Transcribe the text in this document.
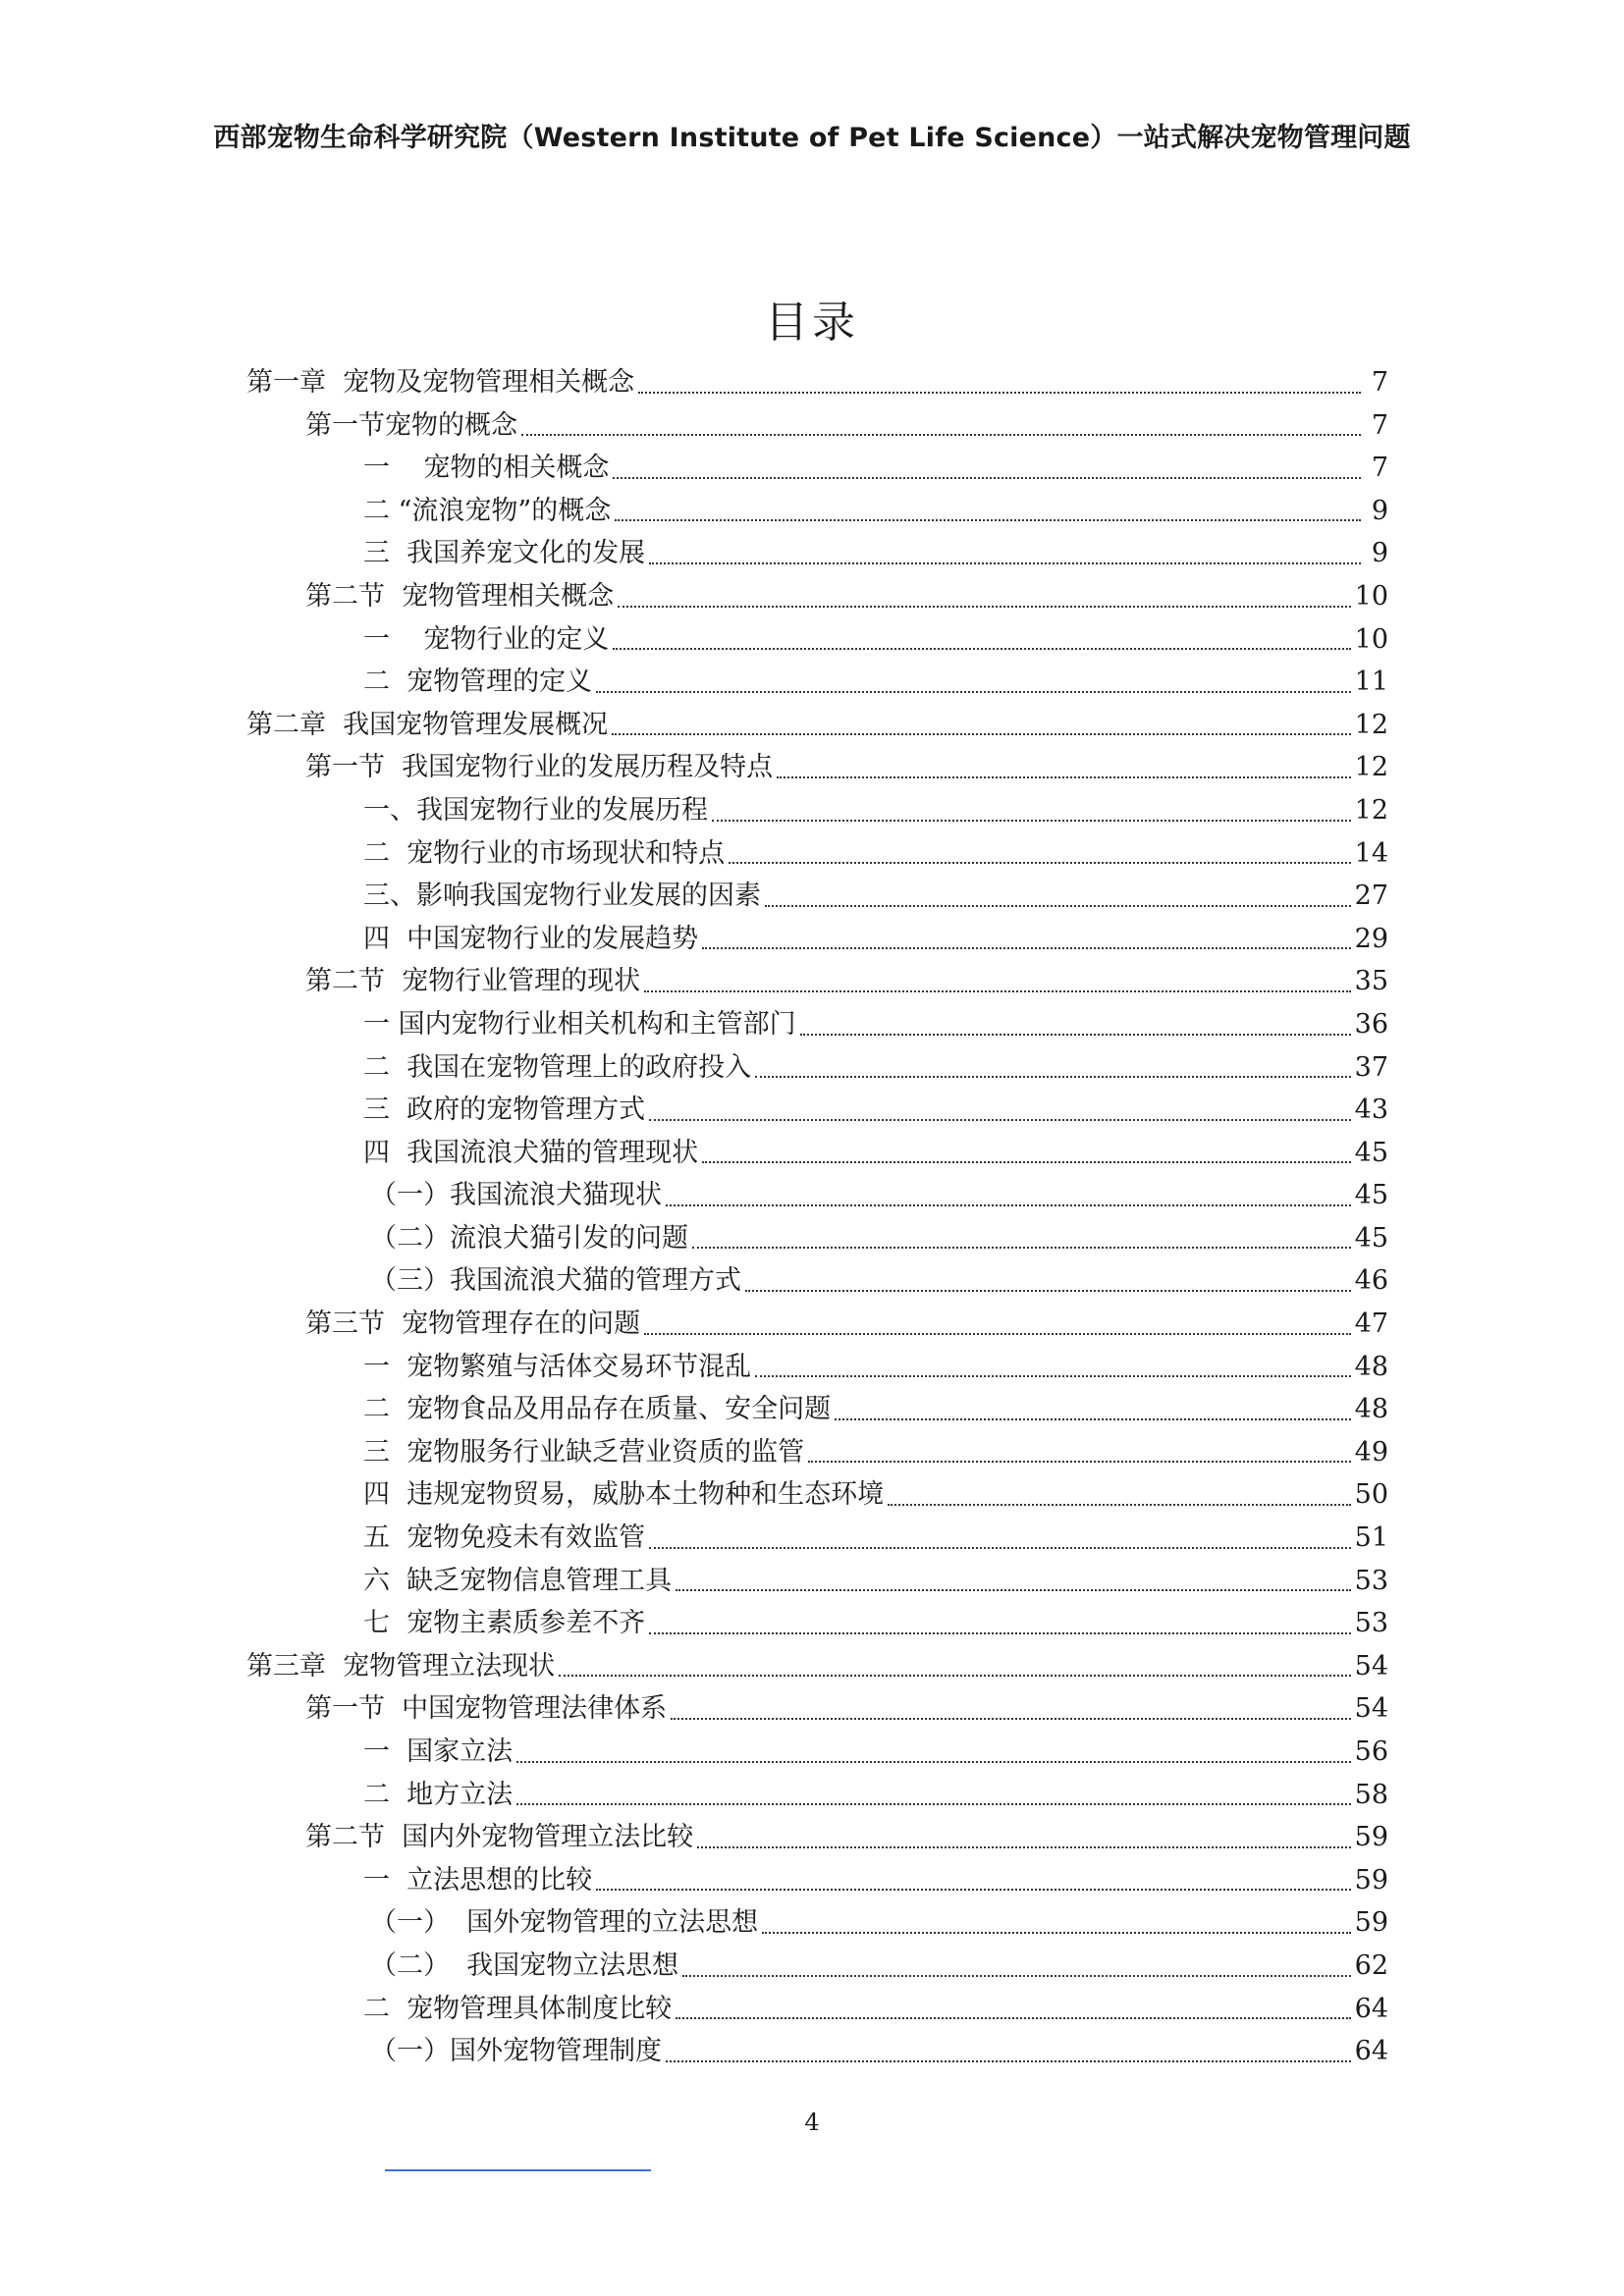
西部宠物生命科学研究院（Western Institute of Pet Life Science）一站式解决宠物管理问题
目录
第一章  宠物及宠物管理相关概念	7
第一节宠物的概念	7
一    宠物的相关概念	7
二 “流浪宠物”的概念	9
三  我国养宠文化的发展	9
第二节  宠物管理相关概念	10
一    宠物行业的定义	10
二  宠物管理的定义	11
第二章  我国宠物管理发展概况	12
第一节  我国宠物行业的发展历程及特点	12
一、我国宠物行业的发展历程	12
二  宠物行业的市场现状和特点	14
三、影响我国宠物行业发展的因素	27
四  中国宠物行业的发展趋势	29
第二节  宠物行业管理的现状	35
一 国内宠物行业相关机构和主管部门	36
二  我国在宠物管理上的政府投入	37
三  政府的宠物管理方式	43
四  我国流浪犬猫的管理现状	45
（一）我国流浪犬猫现状	45
（二）流浪犬猫引发的问题	45
（三）我国流浪犬猫的管理方式	46
第三节  宠物管理存在的问题	47
一  宠物繁殖与活体交易环节混乱	48
二  宠物食品及用品存在质量、安全问题	48
三  宠物服务行业缺乏营业资质的监管	49
四  违规宠物贸易，威胁本土物种和生态环境	50
五  宠物免疫未有效监管	51
六  缺乏宠物信息管理工具	53
七  宠物主素质参差不齐	53
第三章  宠物管理立法现状	54
第一节  中国宠物管理法律体系	54
一  国家立法	56
二  地方立法	58
第二节  国内外宠物管理立法比较	59
一  立法思想的比较	59
（一）  国外宠物管理的立法思想	59
（二）  我国宠物立法思想	62
二  宠物管理具体制度比较	64
（一）国外宠物管理制度	64
4
